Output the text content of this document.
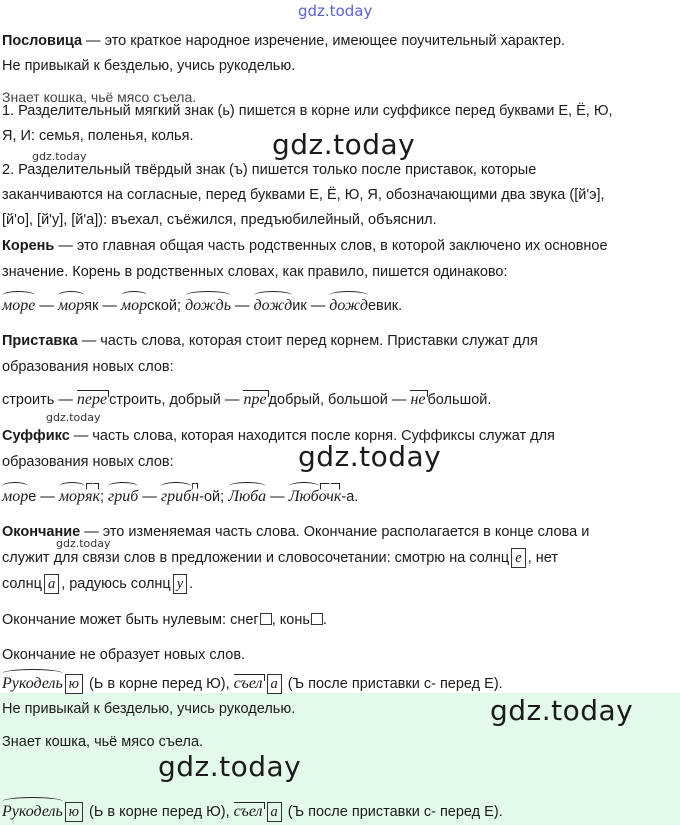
gdz.today
gdz.today
gdz.today
gdz.today
gdz.today
gdz.today
gdz.today
gdz.today
Пословица — это краткое народное изречение, имеющее поучительный характер.
Не привыкай к безделью, учись рукоделью.
Знает кошка, чьё мясо съела.
1. Разделительный мягкий знак (ь) пишется в корне или суффиксе перед буквами Е, Ё, Ю,
Я, И: семья, поленья, колья.
2. Разделительный твёрдый знак (ъ) пишется только после приставок, которые
заканчиваются на согласные, перед буквами Е, Ё, Ю, Я, обозначающими два звука ([й'э],
[й'о], [й'у], [й'а]): въехал, съёжился, предъюбилейный, объяснил.
Корень — это главная общая часть родственных слов, в которой заключено их основное
значение. Корень в родственных словах, как правило, пишется одинаково:
море — моряк — морской; дождь — дождик — дождевик.
Приставка — часть слова, которая стоит перед корнем. Приставки служат для
образования новых слов:
строить — пере строить, добрый — пре добрый, большой — не большой.
Суффикс — часть слова, которая находится после корня. Суффиксы служат для
образования новых слов:
море — моряк; гриб — грибн-ой; Люба — Любочк-а.
Окончание — это изменяемая часть слова. Окончание располагается в конце слова и
служит для связи слов в предложении и словосочетании: смотрю на солнц е , нет
солнц а , радуюсь солнц у .
Окончание может быть нулевым: снег , конь .
Окончание не образует новых слов.
Рукодель ю (Ь в корне перед Ю), съел а (Ъ после приставки с- перед Е).
Не привыкай к безделью, учись рукоделью.
Знает кошка, чьё мясо съела.
Рукодель ю (Ь в корне перед Ю), съел а (Ъ после приставки с- перед Е).
